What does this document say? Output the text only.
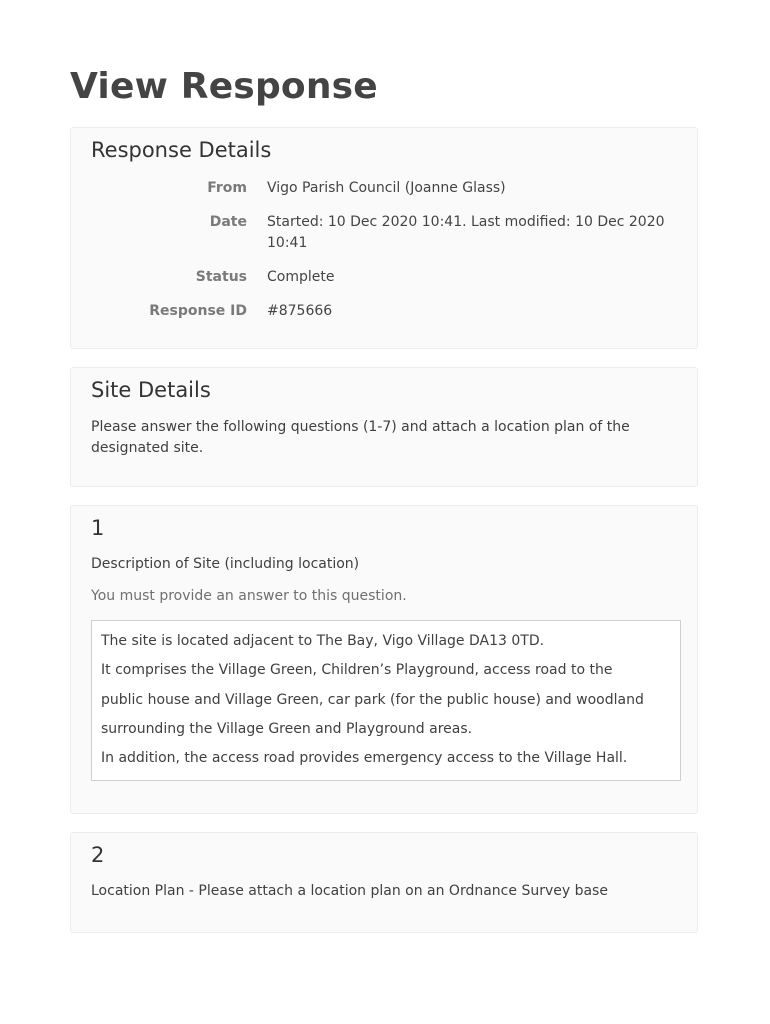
View Response
Response Details
From Vigo Parish Council (Joanne Glass)
Date Started: 10 Dec 2020 10:41. Last modified: 10 Dec 2020 10:41
Status Complete
Response ID #875666
Site Details

Please answer the following questions (1-7) and attach a location plan of the designated site.

1

Description of Site (including location)

You must provide an answer to this question.

The site is located adjacent to The Bay, Vigo Village DA13 0TD.
It comprises the Village Green, Children’s Playground, access road to the
public house and Village Green, car park (for the public house) and woodland
surrounding the Village Green and Playground areas.
In addition, the access road provides emergency access to the Village Hall.
2

Location Plan - Please attach a location plan on an Ordnance Survey base
